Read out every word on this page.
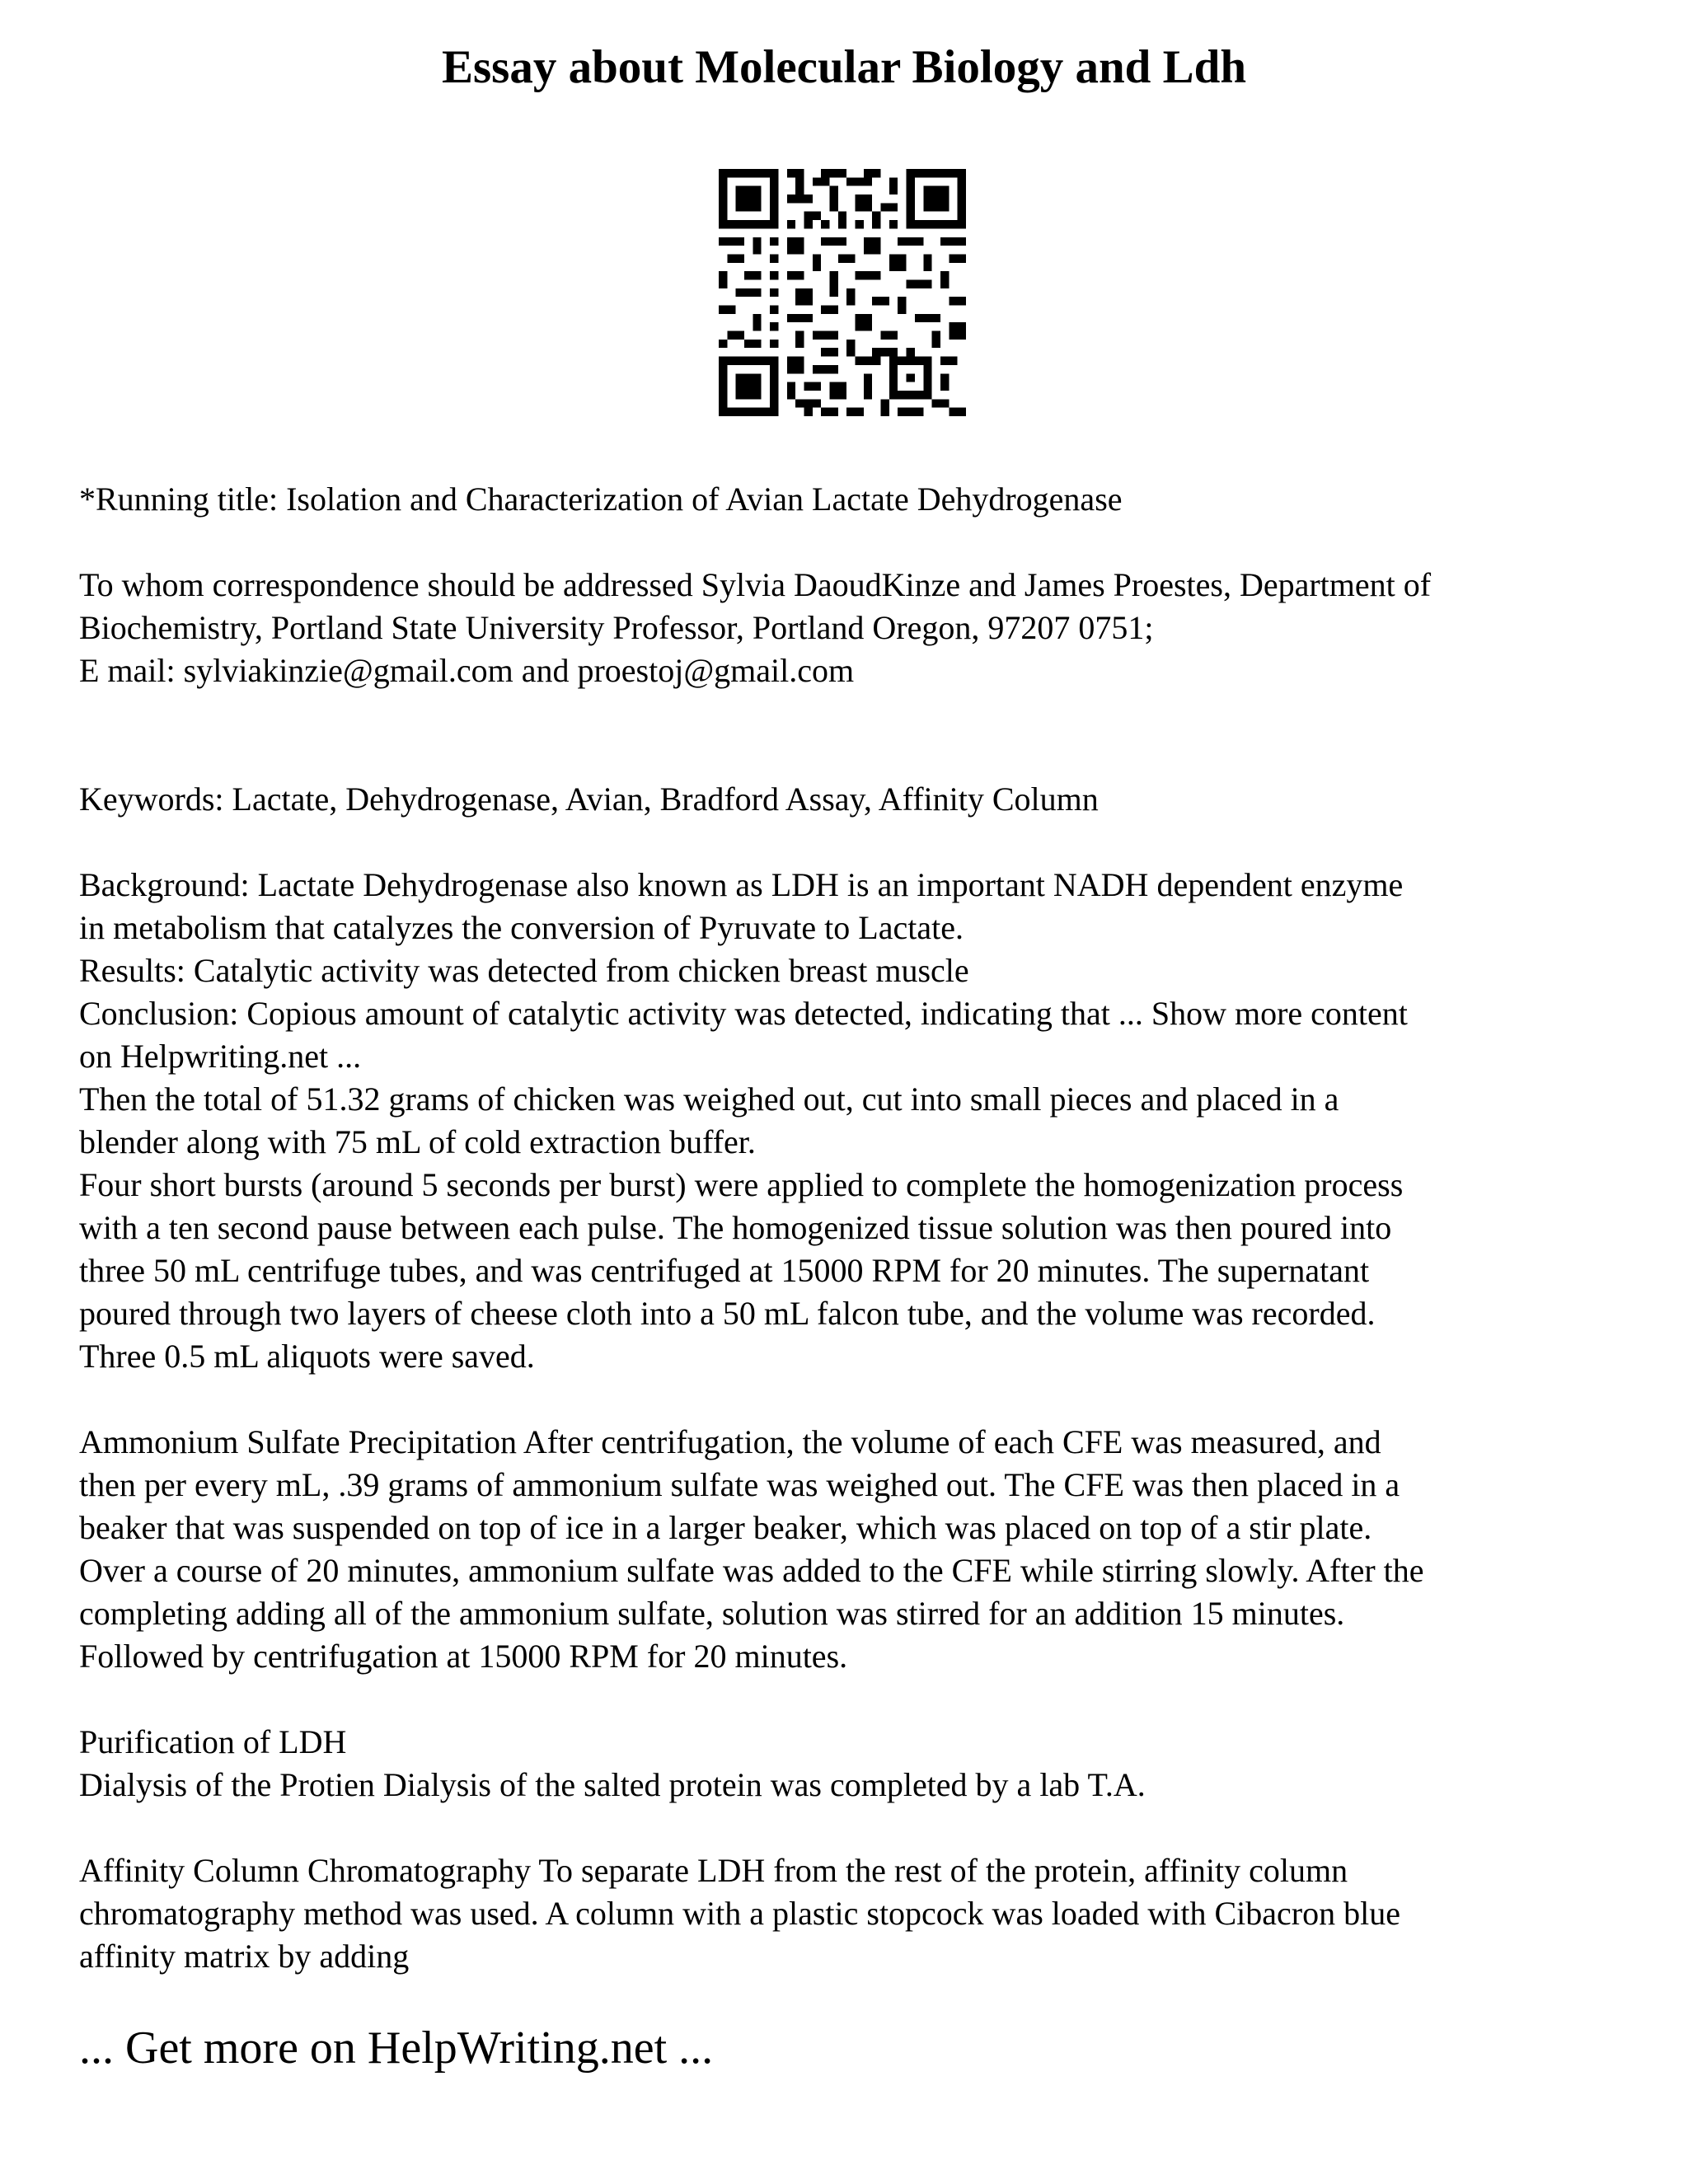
Essay about Molecular Biology and Ldh

*Running title: Isolation and Characterization of Avian Lactate Dehydrogenase

To whom correspondence should be addressed Sylvia DaoudKinze and James Proestes, Department of
Biochemistry, Portland State University Professor, Portland Oregon, 97207 0751;
E mail: sylviakinzie@gmail.com and proestoj@gmail.com

Keywords: Lactate, Dehydrogenase, Avian, Bradford Assay, Affinity Column

Background: Lactate Dehydrogenase also known as LDH is an important NADH dependent enzyme
in metabolism that catalyzes the conversion of Pyruvate to Lactate.
Results: Catalytic activity was detected from chicken breast muscle
Conclusion: Copious amount of catalytic activity was detected, indicating that ... Show more content
on Helpwriting.net ...
Then the total of 51.32 grams of chicken was weighed out, cut into small pieces and placed in a
blender along with 75 mL of cold extraction buffer.
Four short bursts (around 5 seconds per burst) were applied to complete the homogenization process
with a ten second pause between each pulse. The homogenized tissue solution was then poured into
three 50 mL centrifuge tubes, and was centrifuged at 15000 RPM for 20 minutes. The supernatant
poured through two layers of cheese cloth into a 50 mL falcon tube, and the volume was recorded.
Three 0.5 mL aliquots were saved.

Ammonium Sulfate Precipitation After centrifugation, the volume of each CFE was measured, and
then per every mL, .39 grams of ammonium sulfate was weighed out. The CFE was then placed in a
beaker that was suspended on top of ice in a larger beaker, which was placed on top of a stir plate.
Over a course of 20 minutes, ammonium sulfate was added to the CFE while stirring slowly. After the
completing adding all of the ammonium sulfate, solution was stirred for an addition 15 minutes.
Followed by centrifugation at 15000 RPM for 20 minutes.

Purification of LDH
Dialysis of the Protien Dialysis of the salted protein was completed by a lab T.A.

Affinity Column Chromatography To separate LDH from the rest of the protein, affinity column
chromatography method was used. A column with a plastic stopcock was loaded with Cibacron blue
affinity matrix by adding

... Get more on HelpWriting.net ...
